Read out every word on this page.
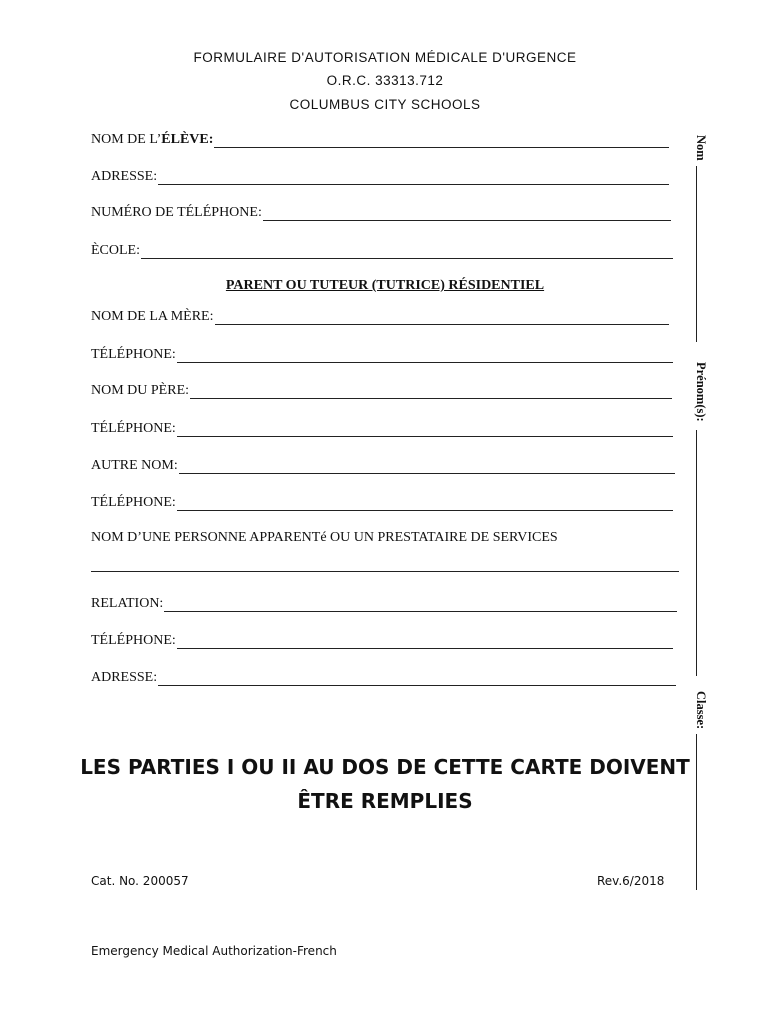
FORMULAIRE D'AUTORISATION MÉDICALE D'URGENCE
O.R.C. 33313.712
COLUMBUS CITY SCHOOLS
NOM DE L’ÉLÈVE:
ADRESSE:
NUMÉRO DE TÉLÉPHONE:
ÈCOLE:
PARENT OU TUTEUR (TUTRICE) RÉSIDENTIEL
NOM DE LA MÈRE:
TÉLÉPHONE:
NOM DU PÈRE:
TÉLÉPHONE:
AUTRE NOM:
TÉLÉPHONE:
NOM D’UNE PERSONNE APPARENTé OU UN PRESTATAIRE DE SERVICES
RELATION:
TÉLÉPHONE:
ADRESSE:
LES PARTIES I OU II AU DOS DE CETTE CARTE DOIVENT
ÊTRE REMPLIES
Cat. No. 200057	Rev.6/2018
Emergency Medical Authorization-French
Nom
Prénom(s):
Classe:
